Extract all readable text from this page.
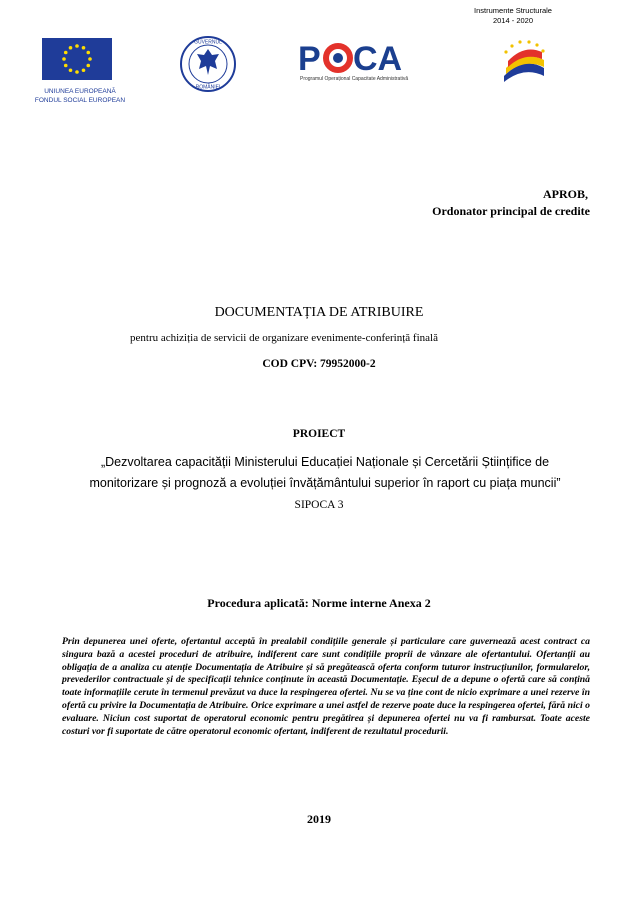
Instrumente Structurale
2014 - 2020
UNIUNEA EUROPEANĂ
FONDUL SOCIAL EUROPEAN
GUVERNUL
ROMÂNIEI
P CA
Programul Operațional Capacitate Administrativă
APROB,
Ordonator principal de credite
DOCUMENTAȚIA DE ATRIBUIRE
pentru achiziția de servicii de organizare evenimente-conferință finală
COD CPV: 79952000-2
PROIECT
„Dezvoltarea capacității Ministerului Educației Naționale și Cercetării Științifice de
monitorizare și prognoză a evoluției învățământului superior în raport cu piața muncii”
SIPOCA 3
Procedura aplicată: Norme interne Anexa 2
Prin depunerea unei oferte, ofertantul acceptă în prealabil condițiile generale și particulare care guvernează acest contract ca singura bază a acestei proceduri de atribuire, indiferent care sunt condițiile proprii de vânzare ale ofertantului. Ofertanții au obligația de a analiza cu atenție Documentația de Atribuire și să pregătească oferta conform tuturor instrucțiunilor, formularelor, prevederilor contractuale și de specificații tehnice conținute în această Documentație. Eșecul de a depune o ofertă care să conțină toate informațiile cerute în termenul prevăzut va duce la respingerea ofertei. Nu se va ține cont de nicio exprimare a unei rezerve în ofertă cu privire la Documentația de Atribuire. Orice exprimare a unei astfel de rezerve poate duce la respingerea ofertei, fără nici o evaluare. Niciun cost suportat de operatorul economic pentru pregătirea și depunerea ofertei nu va fi rambursat. Toate aceste costuri vor fi suportate de către operatorul economic ofertant, indiferent de rezultatul procedurii.
2019
